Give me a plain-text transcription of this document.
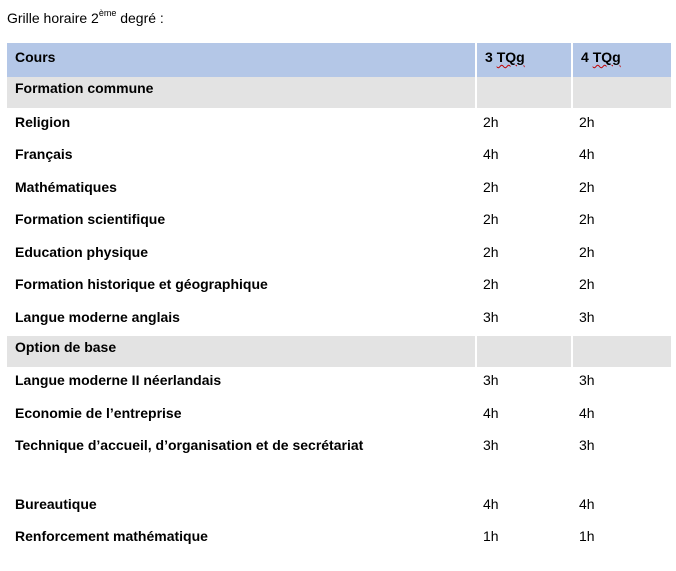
Grille horaire 2ème degré :
Cours	3 TQg	4 TQg
Formation commune		
Religion	2h	2h
Français	4h	4h
Mathématiques	2h	2h
Formation scientifique	2h	2h
Education physique	2h	2h
Formation historique et géographique	2h	2h
Langue moderne anglais	3h	3h
Option de base		
Langue moderne II néerlandais	3h	3h
Economie de l’entreprise	4h	4h
Technique d’accueil, d’organisation et de secrétariat	3h	3h

Bureautique	4h	4h
Renforcement mathématique	1h	1h
